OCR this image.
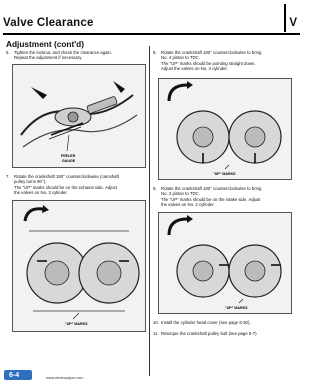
Valve Clearance	V
Adjustment (cont'd)
6. Tighten the locknut, and check the clearance again.
Repeat the adjustment if necessary.
FEELER
GAUGE
7. Rotate the crankshaft 180° counterclockwise (camshaft
pulley turns 90°).
The "UP" marks should be on the exhaust side. Adjust
the valves on No. 3 cylinder.
"UP" MARKS
8. Rotate the crankshaft 180° counterclockwise to bring
No. 4 piston to TDC.
The "UP" marks should be pointing straight down.
Adjust the valves on No. 4 cylinder.
"UP" MARKS
9. Rotate the crankshaft 180° counterclockwise to bring
No. 2 piston to TDC.
The "UP" marks should be on the intake side. Adjust
the valves on No. 2 cylinder.
"UP" MARKS
10. Install the cylinder head cover (see page 6-30).
11. Retorque the crankshaft pulley bolt (see page 6-7).
6-4	www.emanualpro.com
